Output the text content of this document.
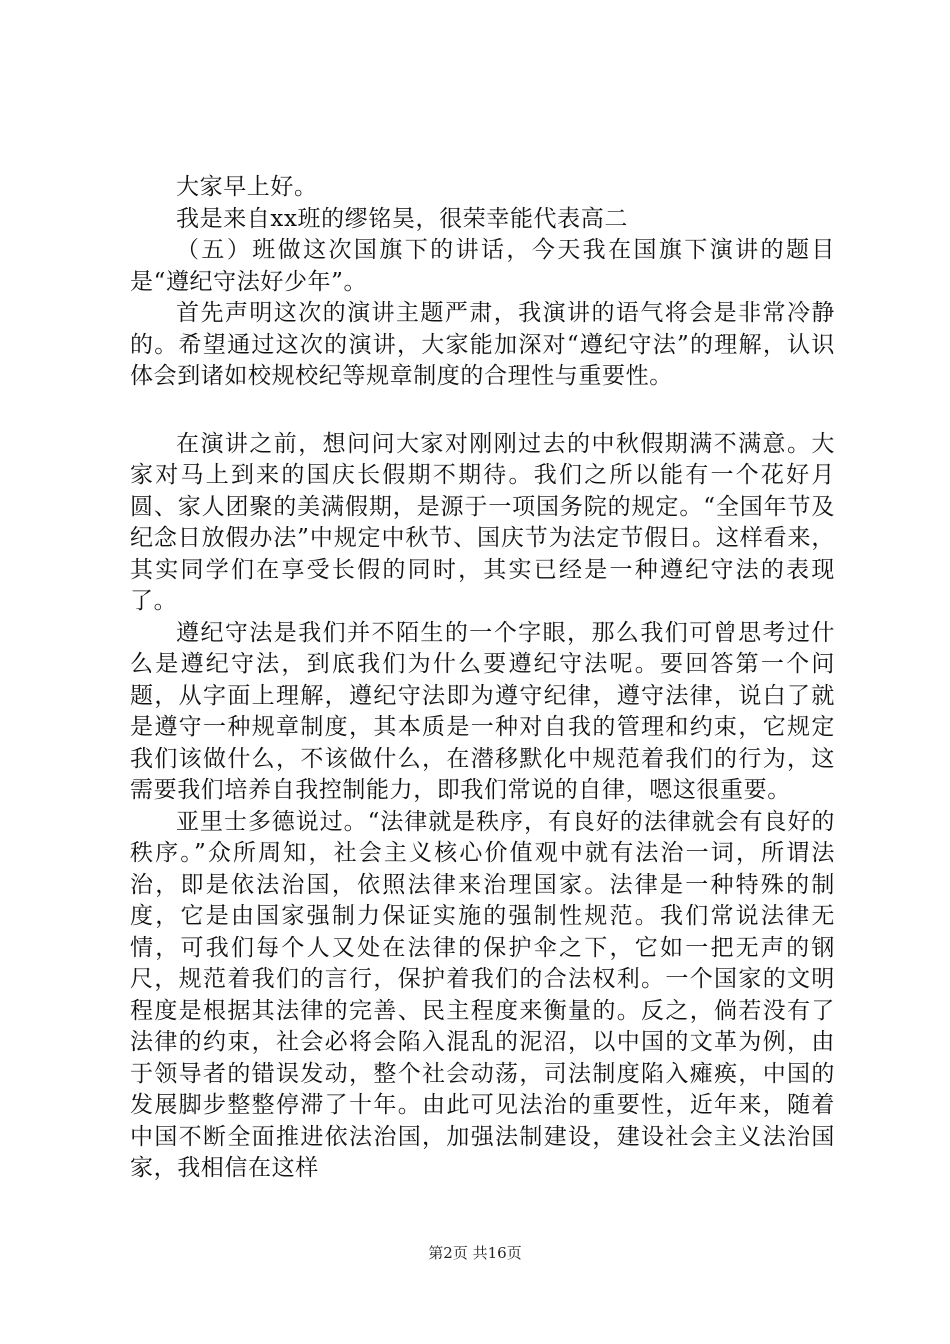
大家早上好。

我是来自xx班的缪铭昊，很荣幸能代表高二

（五）班做这次国旗下的讲话，今天我在国旗下演讲的题目是“遵纪守法好少年”。

首先声明这次的演讲主题严肃，我演讲的语气将会是非常冷静的。希望通过这次的演讲，大家能加深对“遵纪守法”的理解，认识体会到诸如校规校纪等规章制度的合理性与重要性。

在演讲之前，想问问大家对刚刚过去的中秋假期满不满意。大家对马上到来的国庆长假期不期待。我们之所以能有一个花好月圆、家人团聚的美满假期，是源于一项国务院的规定。“全国年节及纪念日放假办法”中规定中秋节、国庆节为法定节假日。这样看来，其实同学们在享受长假的同时，其实已经是一种遵纪守法的表现了。

遵纪守法是我们并不陌生的一个字眼，那么我们可曾思考过什么是遵纪守法，到底我们为什么要遵纪守法呢。要回答第一个问题，从字面上理解，遵纪守法即为遵守纪律，遵守法律，说白了就是遵守一种规章制度，其本质是一种对自我的管理和约束，它规定我们该做什么，不该做什么，在潜移默化中规范着我们的行为，这需要我们培养自我控制能力，即我们常说的自律，嗯这很重要。

亚里士多德说过。“法律就是秩序，有良好的法律就会有良好的秩序。”众所周知，社会主义核心价值观中就有法治一词，所谓法治，即是依法治国，依照法律来治理国家。法律是一种特殊的制度，它是由国家强制力保证实施的强制性规范。我们常说法律无情，可我们每个人又处在法律的保护伞之下，它如一把无声的钢尺，规范着我们的言行，保护着我们的合法权利。一个国家的文明程度是根据其法律的完善、民主程度来衡量的。反之，倘若没有了法律的约束，社会必将会陷入混乱的泥沼，以中国的文革为例，由于领导者的错误发动，整个社会动荡，司法制度陷入瘫痪，中国的发展脚步整整停滞了十年。由此可见法治的重要性，近年来，随着中国不断全面推进依法治国，加强法制建设，建设社会主义法治国家，我相信在这样

第2页 共16页
